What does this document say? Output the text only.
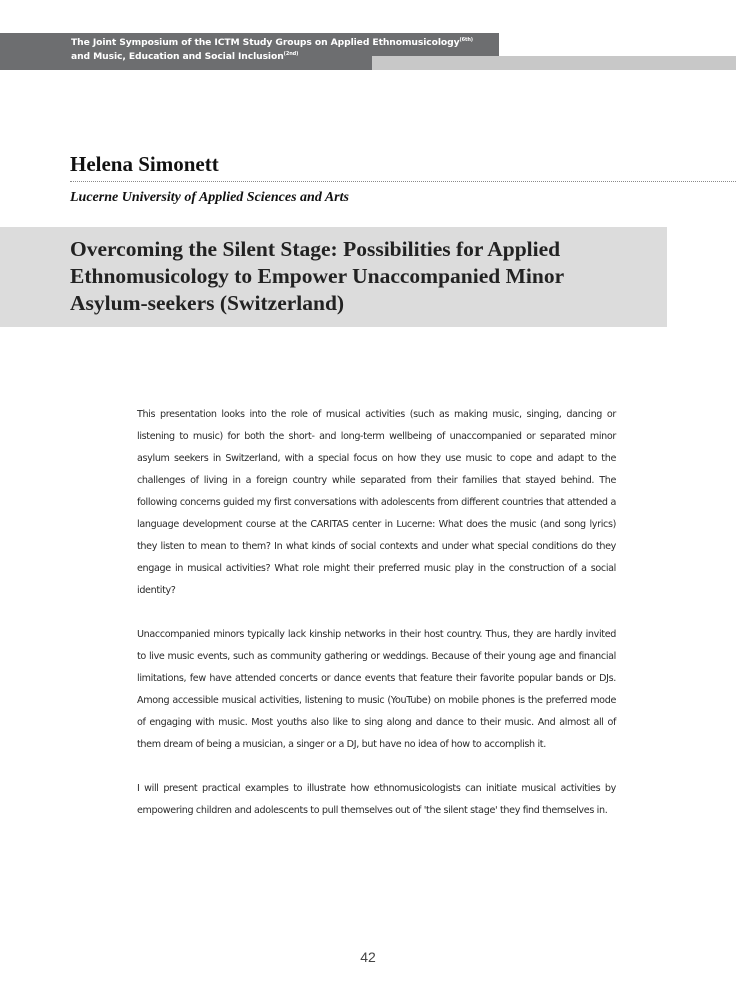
The Joint Symposium of the ICTM Study Groups on Applied Ethnomusicology$^{(6th)}$
and Music, Education and Social Inclusion$^{(2nd)}$
Helena Simonett

Lucerne University of Applied Sciences and Arts

Overcoming the Silent Stage: Possibilities for Applied Ethnomusicology to Empower Unaccompanied Minor Asylum-seekers (Switzerland)

This presentation looks into the role of musical activities (such as making music, singing, dancing or listening to music) for both the short- and long-term wellbeing of unaccompanied or separated minor asylum seekers in Switzerland, with a special focus on how they use music to cope and adapt to the challenges of living in a foreign country while separated from their families that stayed behind. The following concerns guided my first conversations with adolescents from different countries that attended a language development course at the CARITAS center in Lucerne: What does the music (and song lyrics) they listen to mean to them? In what kinds of social contexts and under what special conditions do they engage in musical activities? What role might their preferred music play in the construction of a social identity?

Unaccompanied minors typically lack kinship networks in their host country. Thus, they are hardly invited to live music events, such as community gathering or weddings. Because of their young age and financial limitations, few have attended concerts or dance events that feature their favorite popular bands or DJs. Among accessible musical activities, listening to music (YouTube) on mobile phones is the preferred mode of engaging with music. Most youths also like to sing along and dance to their music. And almost all of them dream of being a musician, a singer or a DJ, but have no idea of how to accomplish it.

I will present practical examples to illustrate how ethnomusicologists can initiate musical activities by empowering children and adolescents to pull themselves out of 'the silent stage' they find themselves in.

42
